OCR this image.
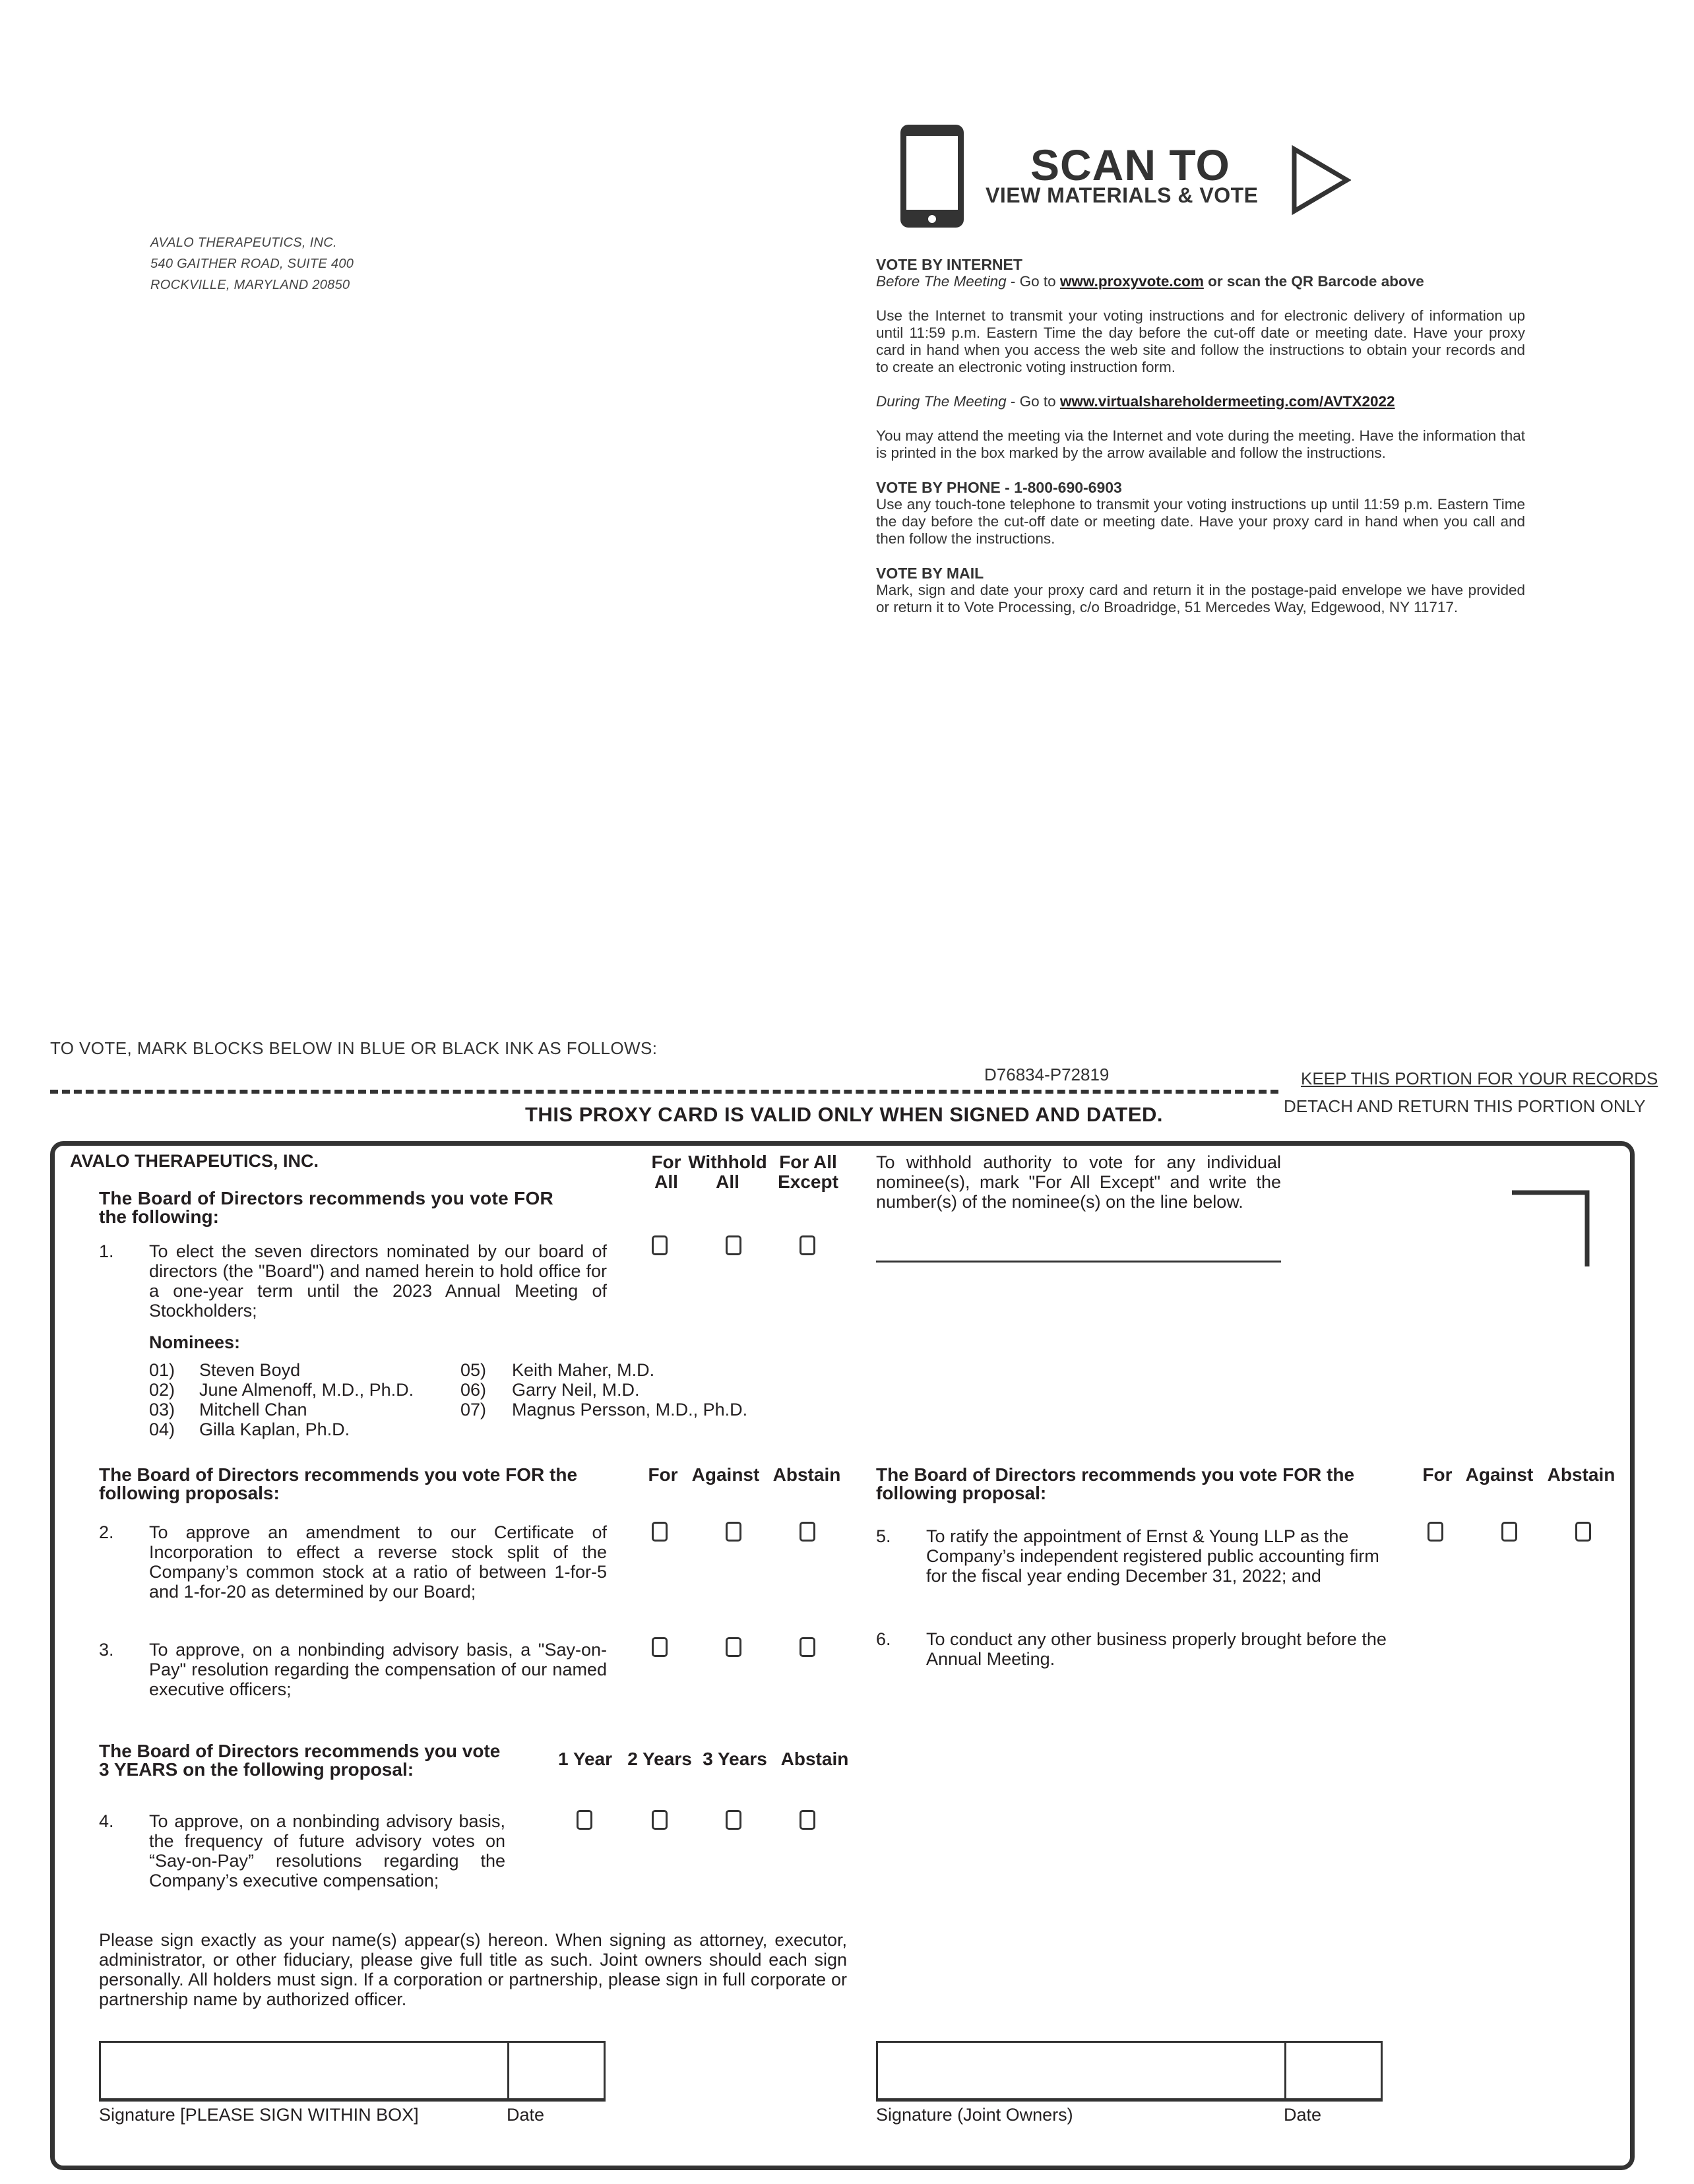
AVALO THERAPEUTICS, INC.
540 GAITHER ROAD, SUITE 400
ROCKVILLE, MARYLAND 20850
SCAN TO
VIEW MATERIALS & VOTE
VOTE BY INTERNET

Before The Meeting - Go to www.proxyvote.com or scan the QR Barcode above

Use the Internet to transmit your voting instructions and for electronic delivery of information up until 11:59 p.m. Eastern Time the day before the cut-off date or meeting date. Have your proxy card in hand when you access the web site and follow the instructions to obtain your records and to create an electronic voting instruction form.

During The Meeting - Go to www.virtualshareholdermeeting.com/AVTX2022

You may attend the meeting via the Internet and vote during the meeting. Have the information that is printed in the box marked by the arrow available and follow the instructions.

VOTE BY PHONE - 1-800-690-6903

Use any touch-tone telephone to transmit your voting instructions up until 11:59 p.m. Eastern Time the day before the cut-off date or meeting date. Have your proxy card in hand when you call and then follow the instructions.

VOTE BY MAIL

Mark, sign and date your proxy card and return it in the postage-paid envelope we have provided or return it to Vote Processing, c/o Broadridge, 51 Mercedes Way, Edgewood, NY 11717.

TO VOTE, MARK BLOCKS BELOW IN BLUE OR BLACK INK AS FOLLOWS:
D76834-P72819	KEEP THIS PORTION FOR YOUR RECORDS
DETACH AND RETURN THIS PORTION ONLY
THIS PROXY CARD IS VALID ONLY WHEN SIGNED AND DATED.
AVALO THERAPEUTICS, INC.
The Board of Directors recommends you vote FOR
the following:
For
All
Withhold
All
For All
Except
1. To elect the seven directors nominated by our board of directors (the "Board") and named herein to hold office for a one-year term until the 2023 Annual Meeting of Stockholders;
To withhold authority to vote for any individual nominee(s), mark "For All Except" and write the number(s) of the nominee(s) on the line below.
Nominees:
01) Steven Boyd
02) June Almenoff, M.D., Ph.D.
03) Mitchell Chan
04) Gilla Kaplan, Ph.D.
05) Keith Maher, M.D.
06) Garry Neil, M.D.
07) Magnus Persson, M.D., Ph.D.
The Board of Directors recommends you vote FOR the
following proposals:
For Against Abstain
2. To approve an amendment to our Certificate of Incorporation to effect a reverse stock split of the Company’s common stock at a ratio of between 1-for-5 and 1-for-20 as determined by our Board;
3. To approve, on a nonbinding advisory basis, a "Say-on-Pay" resolution regarding the compensation of our named executive officers;
The Board of Directors recommends you vote FOR the
following proposal:
For Against Abstain
5. To ratify the appointment of Ernst & Young LLP as the Company’s independent registered public accounting firm for the fiscal year ending December 31, 2022; and
6. To conduct any other business properly brought before the Annual Meeting.
The Board of Directors recommends you vote
3 YEARS on the following proposal:
1 Year 2 Years 3 Years Abstain
4. To approve, on a nonbinding advisory basis, the frequency of future advisory votes on “Say-on-Pay” resolutions regarding the Company’s executive compensation;
Please sign exactly as your name(s) appear(s) hereon. When signing as attorney, executor, administrator, or other fiduciary, please give full title as such. Joint owners should each sign personally. All holders must sign. If a corporation or partnership, please sign in full corporate or partnership name by authorized officer.
Signature [PLEASE SIGN WITHIN BOX]	Date	Signature (Joint Owners)	Date
